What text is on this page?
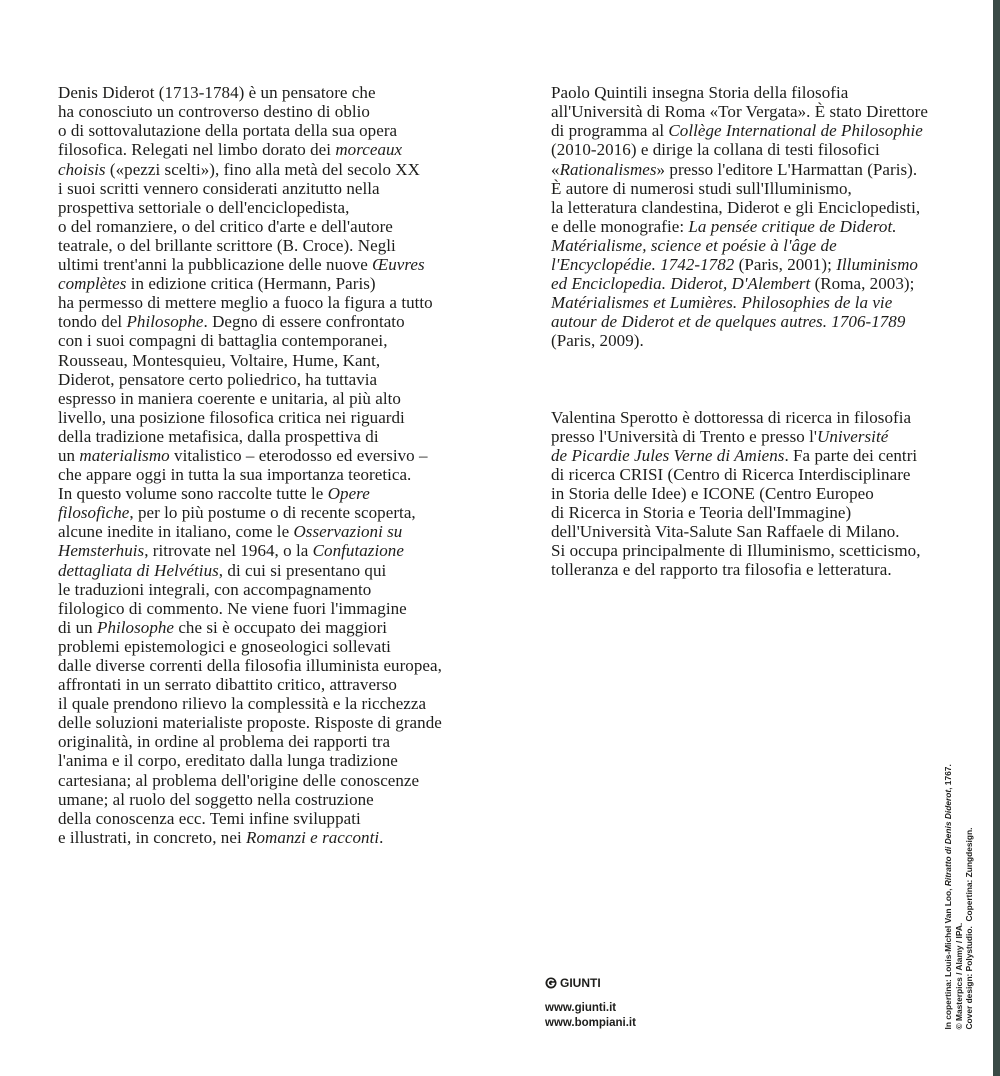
Denis Diderot (1713-1784) è un pensatore che
ha conosciuto un controverso destino di oblio
o di sottovalutazione della portata della sua opera
filosofica. Relegati nel limbo dorato dei morceaux
choisis («pezzi scelti»), fino alla metà del secolo XX
i suoi scritti vennero considerati anzitutto nella
prospettiva settoriale o dell'enciclopedista,
o del romanziere, o del critico d'arte e dell'autore
teatrale, o del brillante scrittore (B. Croce). Negli
ultimi trent'anni la pubblicazione delle nuove Œuvres
complètes in edizione critica (Hermann, Paris)
ha permesso di mettere meglio a fuoco la figura a tutto
tondo del Philosophe. Degno di essere confrontato
con i suoi compagni di battaglia contemporanei,
Rousseau, Montesquieu, Voltaire, Hume, Kant,
Diderot, pensatore certo poliedrico, ha tuttavia
espresso in maniera coerente e unitaria, al più alto
livello, una posizione filosofica critica nei riguardi
della tradizione metafisica, dalla prospettiva di
un materialismo vitalistico – eterodosso ed eversivo –
che appare oggi in tutta la sua importanza teoretica.
In questo volume sono raccolte tutte le Opere
filosofiche, per lo più postume o di recente scoperta,
alcune inedite in italiano, come le Osservazioni su
Hemsterhuis, ritrovate nel 1964, o la Confutazione
dettagliata di Helvétius, di cui si presentano qui
le traduzioni integrali, con accompagnamento
filologico di commento. Ne viene fuori l'immagine
di un Philosophe che si è occupato dei maggiori
problemi epistemologici e gnoseologici sollevati
dalle diverse correnti della filosofia illuminista europea,
affrontati in un serrato dibattito critico, attraverso
il quale prendono rilievo la complessità e la ricchezza
delle soluzioni materialiste proposte. Risposte di grande
originalità, in ordine al problema dei rapporti tra
l'anima e il corpo, ereditato dalla lunga tradizione
cartesiana; al problema dell'origine delle conoscenze
umane; al ruolo del soggetto nella costruzione
della conoscenza ecc. Temi infine sviluppati
e illustrati, in concreto, nei Romanzi e racconti.

Paolo Quintili insegna Storia della filosofia
all'Università di Roma «Tor Vergata». È stato Direttore
di programma al Collège International de Philosophie
(2010-2016) e dirige la collana di testi filosofici
«Rationalismes» presso l'editore L'Harmattan (Paris).
È autore di numerosi studi sull'Illuminismo,
la letteratura clandestina, Diderot e gli Enciclopedisti,
e delle monografie: La pensée critique de Diderot.
Matérialisme, science et poésie à l'âge de
l'Encyclopédie. 1742-1782 (Paris, 2001); Illuminismo
ed Enciclopedia. Diderot, D'Alembert (Roma, 2003);
Matérialismes et Lumières. Philosophies de la vie
autour de Diderot et de quelques autres. 1706-1789
(Paris, 2009).

Valentina Sperotto è dottoressa di ricerca in filosofia
presso l'Università di Trento e presso l'Université
de Picardie Jules Verne di Amiens. Fa parte dei centri
di ricerca CRISI (Centro di Ricerca Interdisciplinare
in Storia delle Idee) e ICONE (Centro Europeo
di Ricerca in Storia e Teoria dell'Immagine)
dell'Università Vita-Salute San Raffaele di Milano.
Si occupa principalmente di Illuminismo, scetticismo,
tolleranza e del rapporto tra filosofia e letteratura.

GIUNTI
www.giunti.it
www.bompiani.it	In copertina: Louis-Michel Van Loo, Ritratto di Denis Diderot, 1767.
© Masterpics / Alamy / IPA.
Cover design: Polystudio.  Copertina: Zungdesign.
